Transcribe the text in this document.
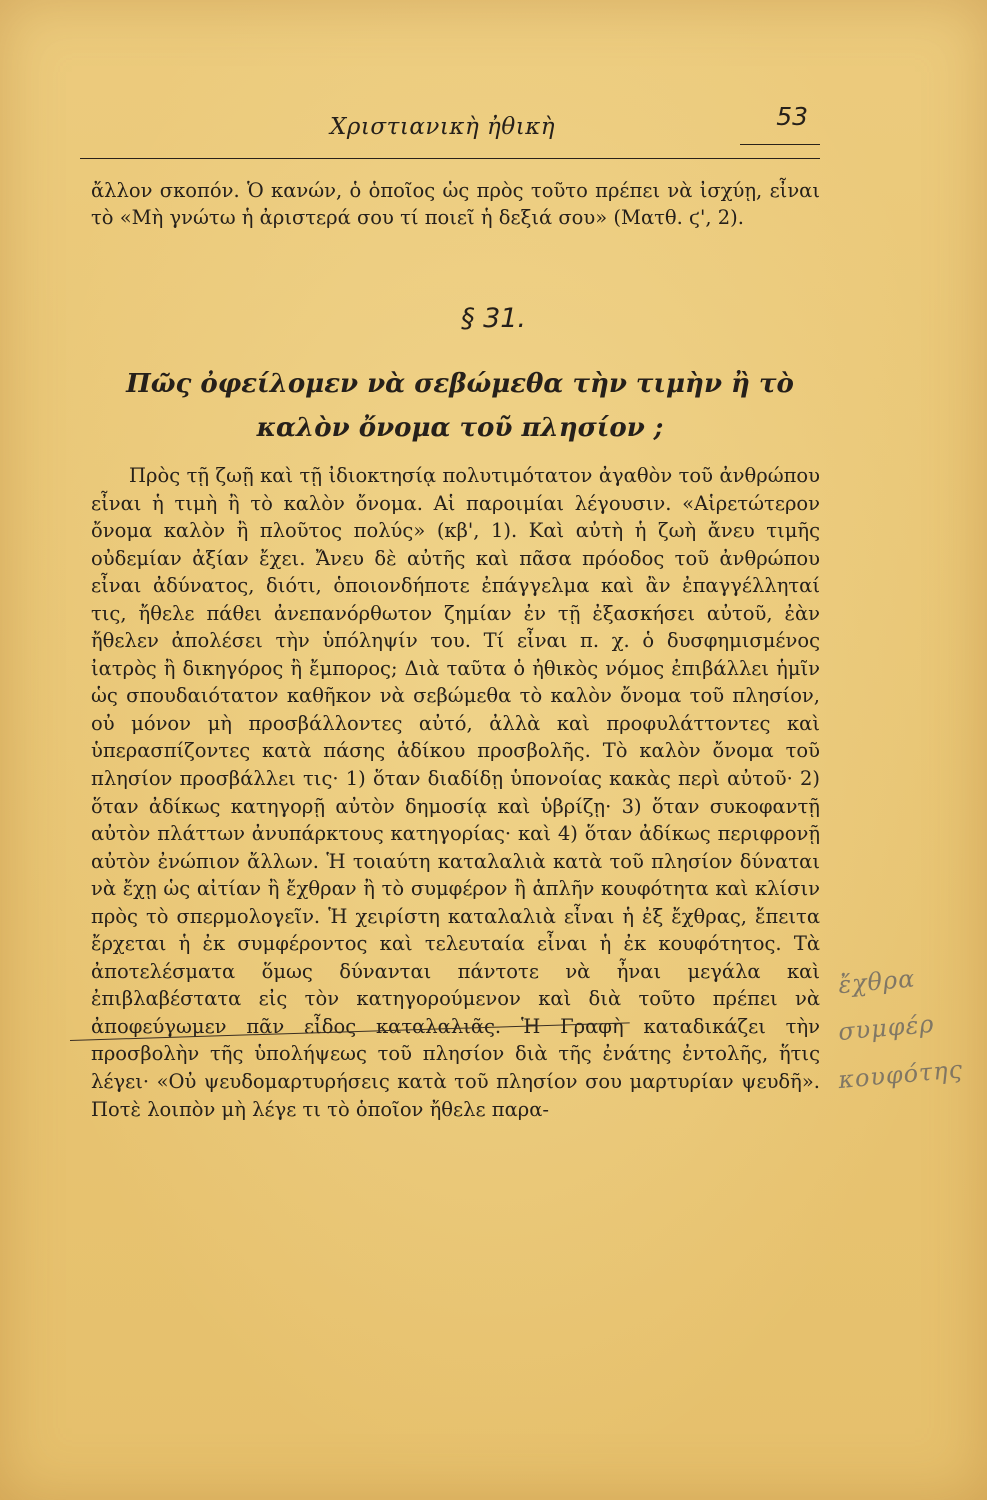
Χριστιανικὴ ἠθικὴ	53

ἄλλον σκοπόν. Ὁ κανών, ὁ ὁποῖος ὡς πρὸς τοῦτο πρέπει νὰ ἰσχύῃ, εἶναι τὸ «Μὴ γνώτω ἡ ἀριστερά σου τί ποιεῖ ἡ δεξιά σου» (Ματθ. ϛ', 2).

§ 31.
Πῶς ὀφείλομεν νὰ σεβώμεθα τὴν τιμὴν ἢ τὸ καλὸν ὄνομα τοῦ πλησίον ;

Πρὸς τῇ ζωῇ καὶ τῇ ἰδιοκτησίᾳ πολυτιμότατον ἀγαθὸν τοῦ ἀνθρώπου εἶναι ἡ τιμὴ ἢ τὸ καλὸν ὄνομα. Αἱ παροιμίαι λέγουσιν. «Αἱρετώτερον ὄνομα καλὸν ἢ πλοῦτος πολύς» (κβ', 1). Καὶ αὐτὴ ἡ ζωὴ ἄνευ τιμῆς οὐδεμίαν ἀξίαν ἔχει. Ἄνευ δὲ αὐτῆς καὶ πᾶσα πρόοδος τοῦ ἀνθρώπου εἶναι ἀδύνατος, διότι, ὁποιονδήποτε ἐπάγγελμα καὶ ἂν ἐπαγγέλληταί τις, ἤθελε πάθει ἀνεπανόρθωτον ζημίαν ἐν τῇ ἐξασκήσει αὐτοῦ, ἐὰν ἤθελεν ἀπολέσει τὴν ὑπόληψίν του. Τί εἶναι π. χ. ὁ δυσφημισμένος ἰατρὸς ἢ δικηγόρος ἢ ἔμπορος; Διὰ ταῦτα ὁ ἠθικὸς νόμος ἐπιβάλλει ἡμῖν ὡς σπουδαιότατον καθῆκον νὰ σεβώμεθα τὸ καλὸν ὄνομα τοῦ πλησίον, οὐ μόνον μὴ προσβάλλοντες αὐτό, ἀλλὰ καὶ προφυλάττοντες καὶ ὑπερασπίζοντες κατὰ πάσης ἀδίκου προσβολῆς. Τὸ καλὸν ὄνομα τοῦ πλησίον προσβάλλει τις· 1) ὅταν διαδίδῃ ὑπονοίας κακὰς περὶ αὐτοῦ· 2) ὅταν ἀδίκως κατηγορῇ αὐτὸν δημοσίᾳ καὶ ὑβρίζῃ· 3) ὅταν συκοφαντῇ αὐτὸν πλάττων ἀνυπάρκτους κατηγορίας· καὶ 4) ὅταν ἀδίκως περιφρονῇ αὐτὸν ἐνώπιον ἄλλων. Ἡ τοιαύτη καταλαλιὰ κατὰ τοῦ πλησίον δύναται νὰ ἔχῃ ὡς αἰτίαν ἢ ἔχθραν ἢ τὸ συμφέρον ἢ ἁπλῆν κουφότητα καὶ κλίσιν πρὸς τὸ σπερμολογεῖν. Ἡ χειρίστη καταλαλιὰ εἶναι ἡ ἐξ ἔχθρας, ἔπειτα ἔρχεται ἡ ἐκ συμφέροντος καὶ τελευταία εἶναι ἡ ἐκ κουφότητος. Τὰ ἀποτελέσματα ὅμως δύνανται πάντοτε νὰ ἦναι μεγάλα καὶ ἐπιβλαβέστατα εἰς τὸν κατηγορούμενον καὶ διὰ τοῦτο πρέπει νὰ ἀποφεύγωμεν πᾶν εἶδος καταλαλιᾶς. Ἡ Γραφὴ καταδικάζει τὴν προσβολὴν τῆς ὑπολήψεως τοῦ πλησίον διὰ τῆς ἐνάτης ἐντολῆς, ἥτις λέγει· «Οὐ ψευδομαρτυρήσεις κατὰ τοῦ πλησίον σου μαρτυρίαν ψευδῆ». Ποτὲ λοιπὸν μὴ λέγε τι τὸ ὁποῖον ἤθελε παρα-

ἔχθρα
συμφέρ
κουφότης
